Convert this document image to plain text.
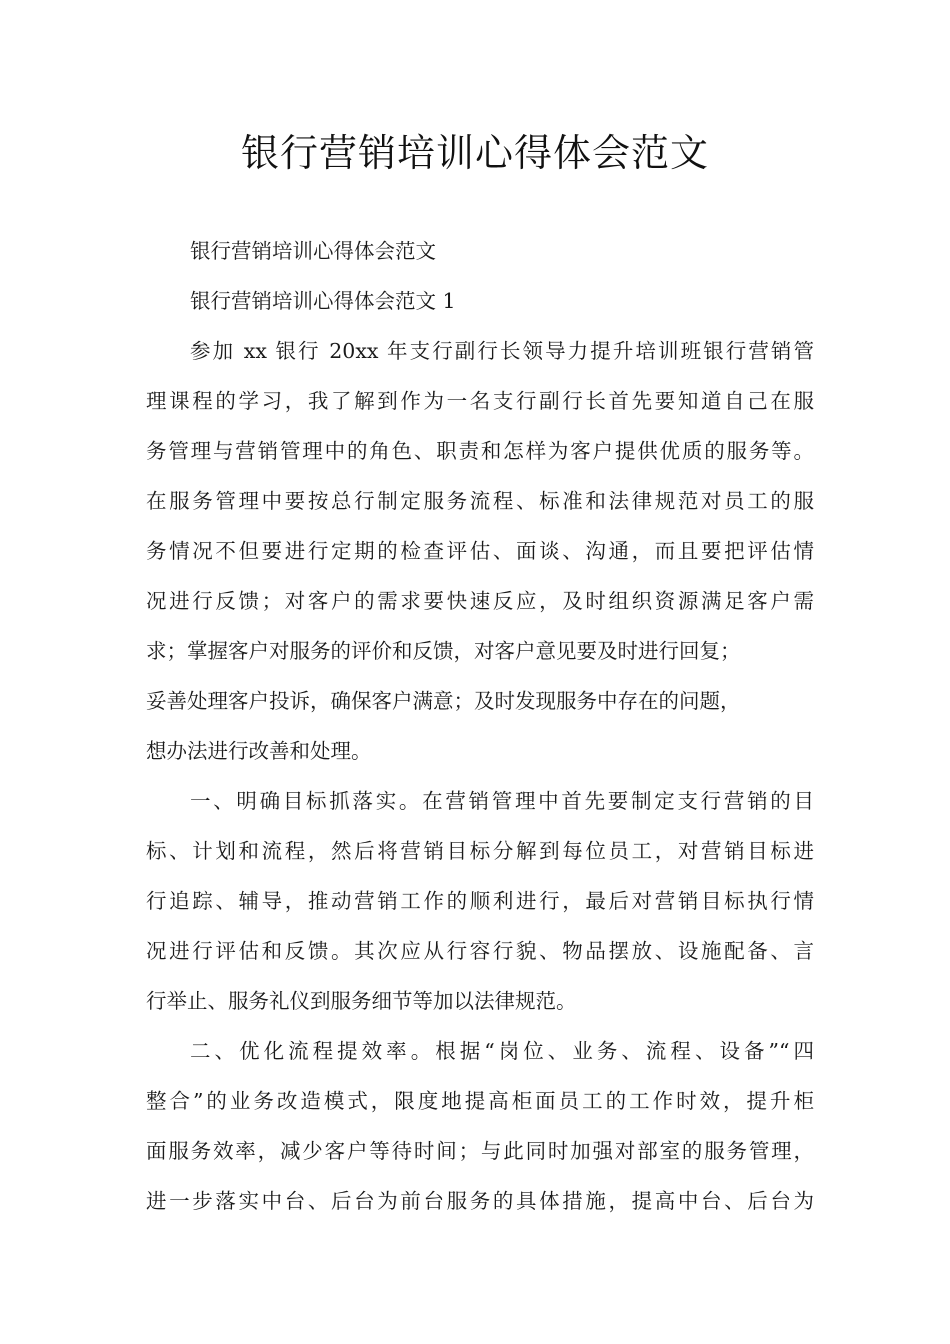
银行营销培训心得体会范文
银行营销培训心得体会范文
银行营销培训心得体会范文 1
参加 xx 银行 20xx 年支行副行长领导力提升培训班银行营销管
理课程的学习，我了解到作为一名支行副行长首先要知道自己在服
务管理与营销管理中的角色、职责和怎样为客户提供优质的服务等。
在服务管理中要按总行制定服务流程、标准和法律规范对员工的服
务情况不但要进行定期的检查评估、面谈、沟通，而且要把评估情
况进行反馈；对客户的需求要快速反应，及时组织资源满足客户需
求；掌握客户对服务的评价和反馈，对客户意见要及时进行回复；
妥善处理客户投诉，确保客户满意；及时发现服务中存在的问题，
想办法进行改善和处理。
一、明确目标抓落实。在营销管理中首先要制定支行营销的目
标、计划和流程，然后将营销目标分解到每位员工，对营销目标进
行追踪、辅导，推动营销工作的顺利进行，最后对营销目标执行情
况进行评估和反馈。其次应从行容行貌、物品摆放、设施配备、言
行举止、服务礼仪到服务细节等加以法律规范。
二、优化流程提效率。根据“岗位、业务、流程、设备”“四
整合”的业务改造模式，限度地提高柜面员工的工作时效，提升柜
面服务效率，减少客户等待时间；与此同时加强对部室的服务管理，
进一步落实中台、后台为前台服务的具体措施，提高中台、后台为
